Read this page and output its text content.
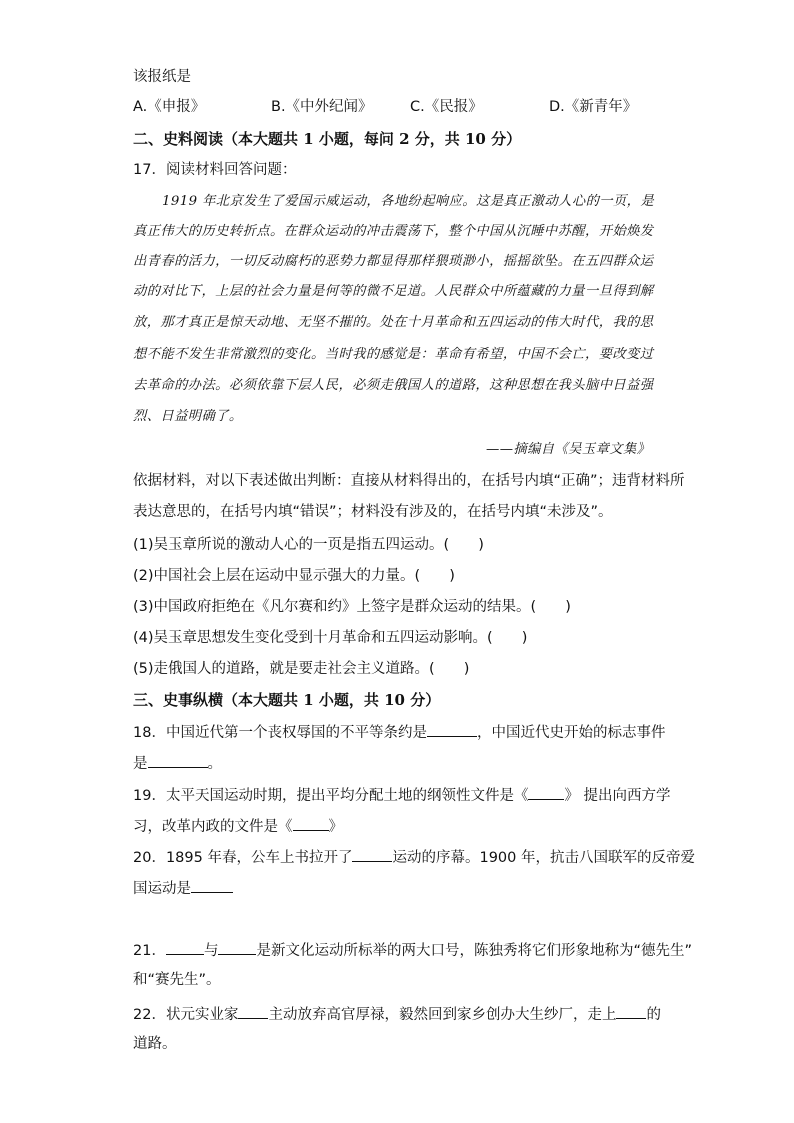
该报纸是
A.《申报》	B.《中外纪闻》	C.《民报》	D.《新青年》
二、史料阅读（本大题共 1 小题，每问 2 分，共 10 分）
17．阅读材料回答问题：
1919 年北京发生了爱国示威运动，各地纷起响应。这是真正激动人心的一页，是
真正伟大的历史转折点。在群众运动的冲击震荡下，整个中国从沉睡中苏醒，开始焕发
出青春的活力，一切反动腐朽的恶势力都显得那样猥琐渺小，摇摇欲坠。在五四群众运
动的对比下，上层的社会力量是何等的微不足道。人民群众中所蕴藏的力量一旦得到解
放，那才真正是惊天动地、无坚不摧的。处在十月革命和五四运动的伟大时代，我的思
想不能不发生非常激烈的变化。当时我的感觉是：革命有希望，中国不会亡，要改变过
去革命的办法。必须依靠下层人民，必须走俄国人的道路，这种思想在我头脑中日益强
烈、日益明确了。
——摘编自《吴玉章文集》
依据材料，对以下表述做出判断：直接从材料得出的，在括号内填“正确”；违背材料所
表达意思的，在括号内填“错误”；材料没有涉及的，在括号内填“未涉及”。
(1)吴玉章所说的激动人心的一页是指五四运动。(　　)
(2)中国社会上层在运动中显示强大的力量。(　　)
(3)中国政府拒绝在《凡尔赛和约》上签字是群众运动的结果。(　　)
(4)吴玉章思想发生变化受到十月革命和五四运动影响。(　　)
(5)走俄国人的道路，就是要走社会主义道路。(　　)
三、史事纵横（本大题共 1 小题，共 10 分）
18．中国近代第一个丧权辱国的不平等条约是	，中国近代史开始的标志事件
是	。
19．太平天国运动时期，提出平均分配土地的纲领性文件是《 》 提出向西方学
习，改革内政的文件是《 》
20．1895 年春，公车上书拉开了	运动的序幕。1900 年，抗击八国联军的反帝爱
国运动是
21．	与	是新文化运动所标举的两大口号，陈独秀将它们形象地称为“德先生”
和“赛先生”。
22．状元实业家 主动放弃高官厚禄，毅然回到家乡创办大生纱厂，走上 的
道路。
